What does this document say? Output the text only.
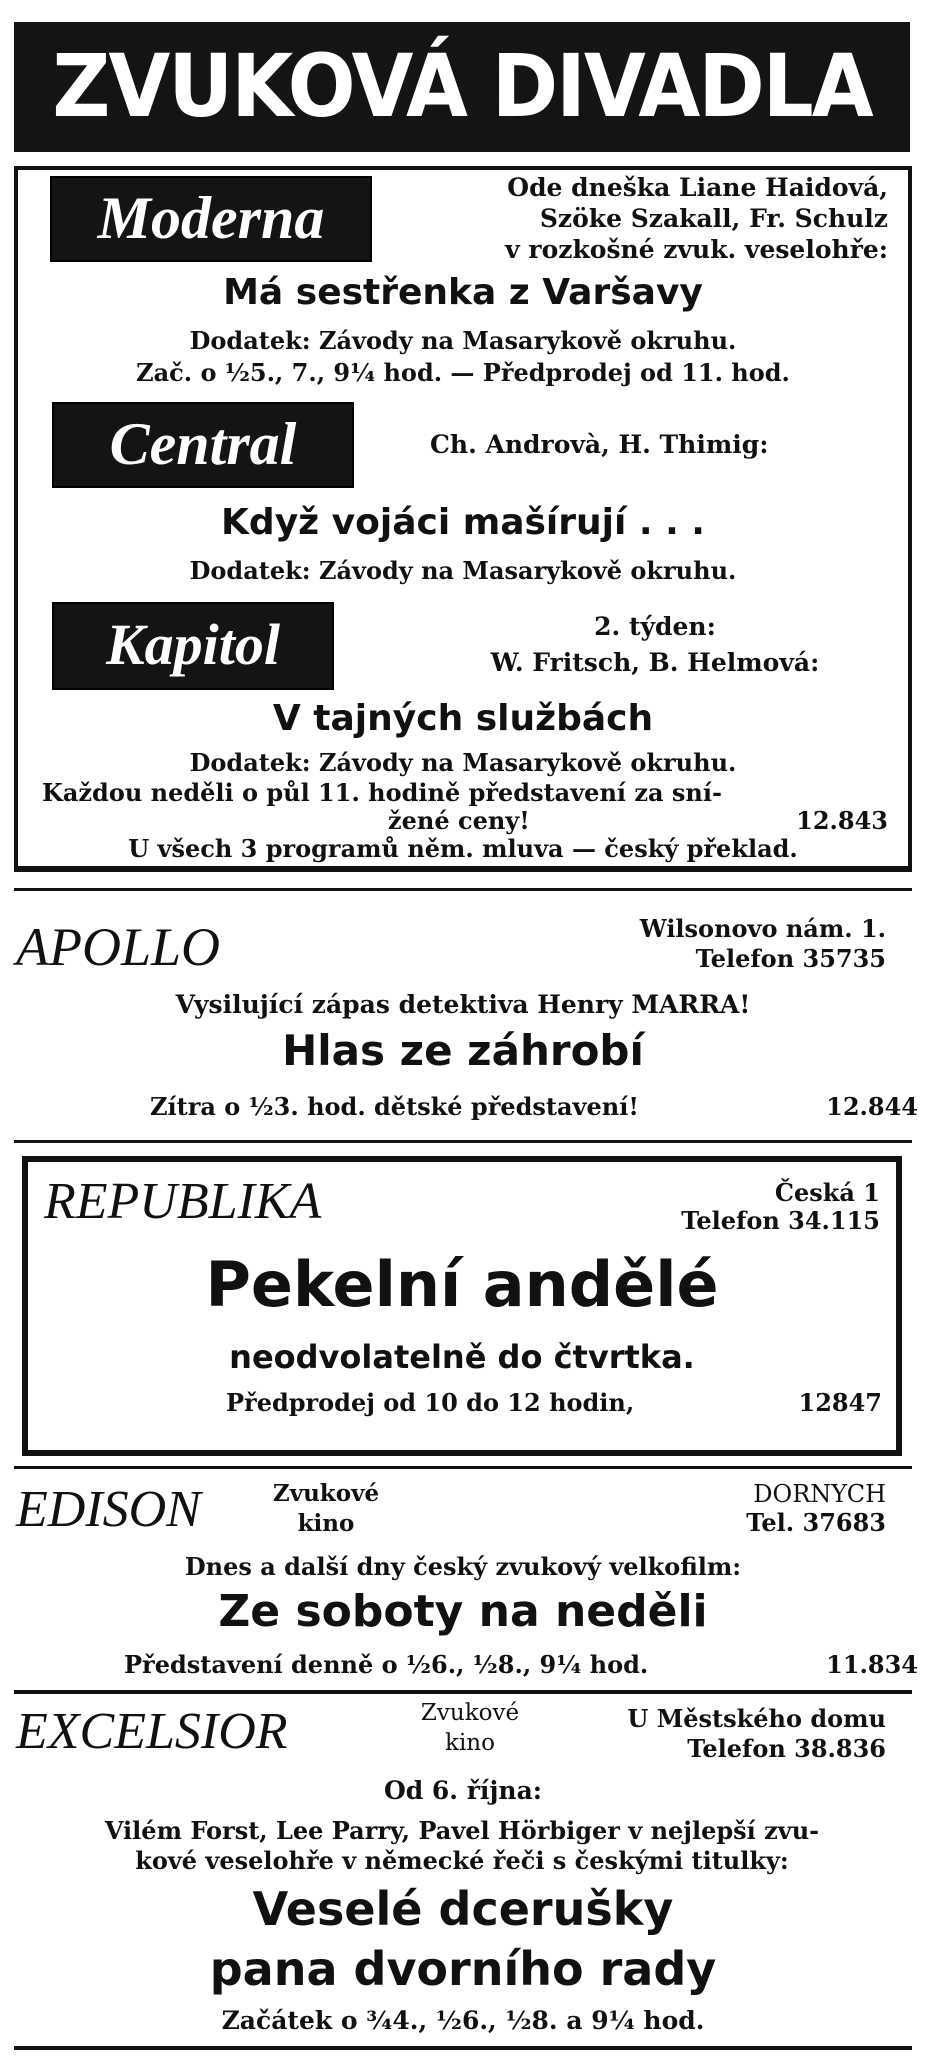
ZVUKOVÁ DIVADLA
Moderna	Ode dneška Liane Haidová,
Szöke Szakall, Fr. Schulz
v rozkošné zvuk. veselohře:
Má sestřenka z Varšavy
Dodatek: Závody na Masarykově okruhu.
Zač. o ½5., 7., 9¼ hod. — Předprodej od 11. hod.
Central	Ch. Androvà, H. Thimig:
Když vojáci mašírují . . .
Dodatek: Závody na Masarykově okruhu.
Kapitol	2. týden:
W. Fritsch, B. Helmová:
V tajných službách
Dodatek: Závody na Masarykově okruhu.
Každou neděli o půl 11. hodině představení za sní-
žené ceny!	12.843
U všech 3 programů něm. mluva — český překlad.
APOLLO	Wilsonovo nám. 1.
Telefon 35735
Vysilující zápas detektiva Henry MARRA!
Hlas ze záhrobí
Zítra o ½3. hod. dětské představení!	12.844
REPUBLIKA	Česká 1
Telefon 34.115
Pekelní andělé
neodvolatelně do čtvrtka.
Předprodej od 10 do 12 hodin,	12847
EDISON	Zvukové
kino
DORNYCH
Tel. 37683
Dnes a další dny český zvukový velkofilm:
Ze soboty na neděli
Představení denně o ½6., ½8., 9¼ hod.	11.834
EXCELSIOR	Zvukové
kino
U Městského domu
Telefon 38.836
Od 6. října:
Vilém Forst, Lee Parry, Pavel Hörbiger v nejlepší zvu-
kové veselohře v německé řeči s českými titulky:
Veselé dceruškу
pana dvorního rady
Začátek o ¾4., ½6., ½8. a 9¼ hod.
